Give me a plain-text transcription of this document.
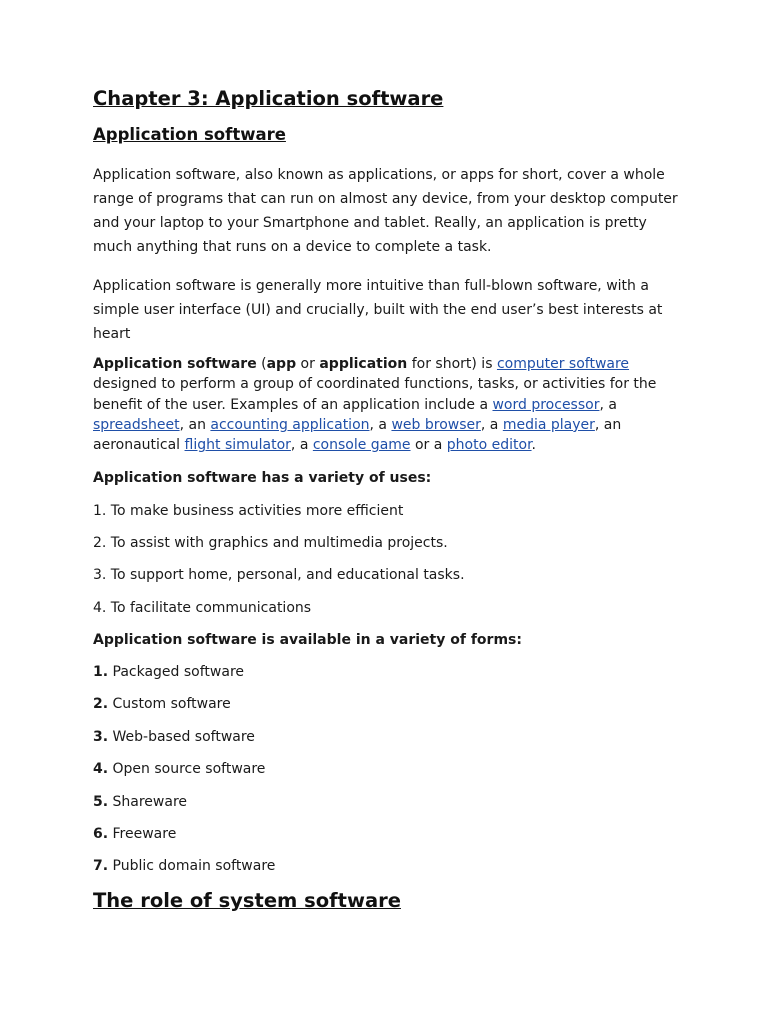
Chapter 3: Application software
Application software

Application software, also known as applications, or apps for short, cover a whole range of programs that can run on almost any device, from your desktop computer and your laptop to your Smartphone and tablet. Really, an application is pretty much anything that runs on a device to complete a task.

Application software is generally more intuitive than full-blown software, with a simple user interface (UI) and crucially, built with the end user’s best interests at heart

Application software (app or application for short) is computer software designed to perform a group of coordinated functions, tasks, or activities for the benefit of the user. Examples of an application include a word processor, a spreadsheet, an accounting application, a web browser, a media player, an aeronautical flight simulator, a console game or a photo editor.

Application software has a variety of uses:

1. To make business activities more efficient
2. To assist with graphics and multimedia projects.
3. To support home, personal, and educational tasks.
4. To facilitate communications

Application software is available in a variety of forms:

1. Packaged software
2. Custom software
3. Web-based software
4. Open source software
5. Shareware
6. Freeware
7. Public domain software
The role of system software
